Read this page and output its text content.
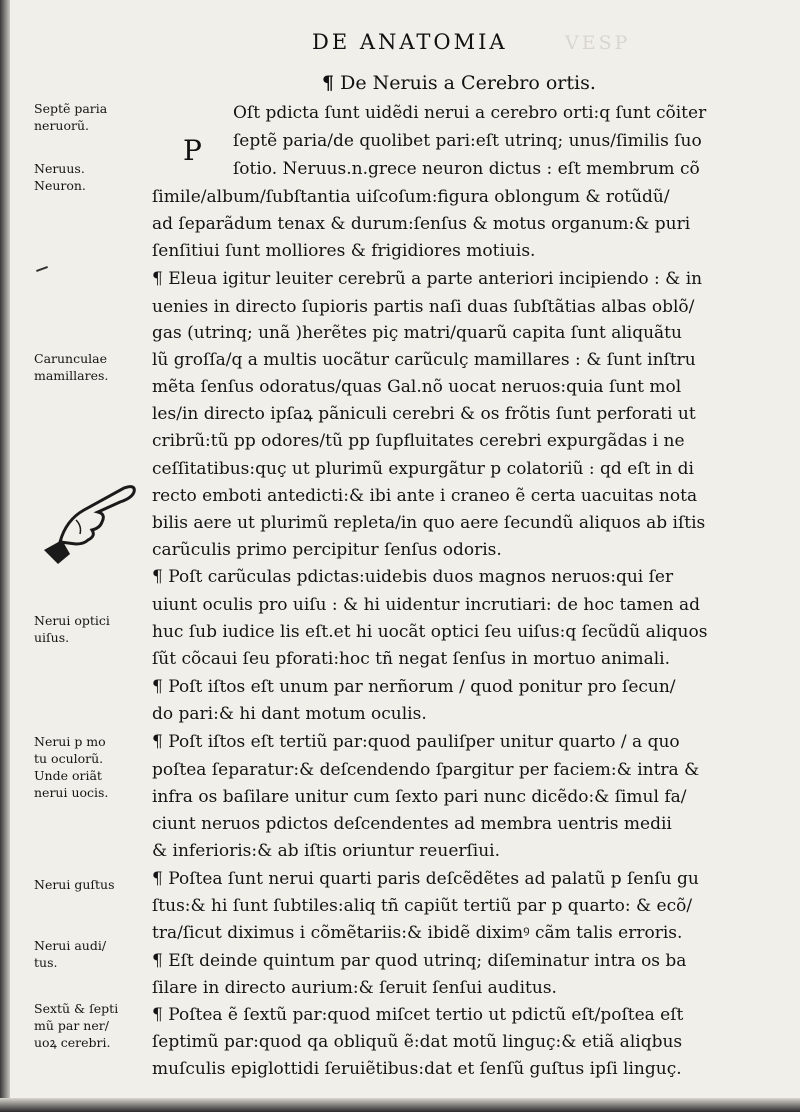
DE ANATOMIA	VESP
¶ De Neruis a Cerebro ortis.
P
Oſt pdicta ſunt uidẽdi nerui a cerebro orti:q ſunt cõiter
ſeptẽ paria/de quolibet pari:eſt utrinq; unus/ſimilis ſuo
ſotio. Neruus.n.grece neuron dictus : eſt membrum cõ
ſimile/album/ſubſtantia uiſcoſum:figura oblongum & rotũdũ/
ad ſeparãdum tenax & durum:ſenſus & motus organum:& puri
ſenſitiui ſunt molliores & frigidiores motiuis.
¶ Eleua igitur leuiter cerebrũ a parte anteriori incipiendo : & in
uenies in directo ſupioris partis naſi duas ſubſtãtias albas oblõ/
gas (utrinq; unã )herẽtes piç matri/quarũ capita ſunt aliquãtu
lũ groſſa/q a multis uocãtur carũculç mamillares : & ſunt inſtru
mẽta ſenſus odoratus/quas Gal.nõ uocat neruos:quia ſunt mol
les/in directo ipſaꝝ pãniculi cerebri & os frõtis ſunt perforati ut
cribrũ:tũ pp odores/tũ pp ſupfluitates cerebri expurgãdas i ne
ceſſitatibus:quç ut plurimũ expurgãtur p colatoriũ : qd eſt in di
recto emboti antedicti:& ibi ante i craneo ẽ certa uacuitas nota
bilis aere ut plurimũ repleta/in quo aere ſecundũ aliquos ab iſtis
carũculis primo percipitur ſenſus odoris.
¶ Poſt carũculas pdictas:uidebis duos magnos neruos:qui ſer
uiunt oculis pro uiſu : & hi uidentur incrutiari: de hoc tamen ad
huc ſub iudice lis eſt.et hi uocãt optici ſeu uiſus:q ſecũdũ aliquos
ſũt cõcaui ſeu pforati:hoc tñ negat ſenſus in mortuo animali.
¶ Poſt iſtos eſt unum par nerñorum / quod ponitur pro ſecun/
do pari:& hi dant motum oculis.
¶ Poſt iſtos eſt tertiũ par:quod pauliſper unitur quarto / a quo
poſtea ſeparatur:& deſcendendo ſpargitur per faciem:& intra &
infra os baſilare unitur cum ſexto pari nunc dicẽdo:& ſimul fa/
ciunt neruos pdictos deſcendentes ad membra uentris medii
& inferioris:& ab iſtis oriuntur reuerſiui.
¶ Poſtea ſunt nerui quarti paris deſcẽdẽtes ad palatũ p ſenſu gu
ſtus:& hi ſunt ſubtiles:aliq tñ capiũt tertiũ par p quarto: & ecõ/
tra/ſicut diximus i cõmẽtariis:& ibidẽ diximꝰ cãm talis erroris.
¶ Eſt deinde quintum par quod utrinq; diſeminatur intra os ba
ſilare in directo aurium:& ſeruit ſenſui auditus.
¶ Poſtea ẽ ſextũ par:quod miſcet tertio ut pdictũ eſt/poſtea eſt
ſeptimũ par:quod qa obliquũ ẽ:dat motũ linguç:& etiã aliqbus
muſculis epiglottidi ſeruiẽtibus:dat et ſenſũ guſtus ipſi linguç.
Septẽ paria
neruorũ.
Neruus.
Neuron.
Carunculae
mamillares.
Nerui optici
uiſus.
Nerui p mo
tu oculorũ.
Unde oriãt
nerui uocis.
Nerui guſtus
Nerui audi/
tus.
Sextũ & ſepti
mũ par ner/
uoꝝ cerebri.
